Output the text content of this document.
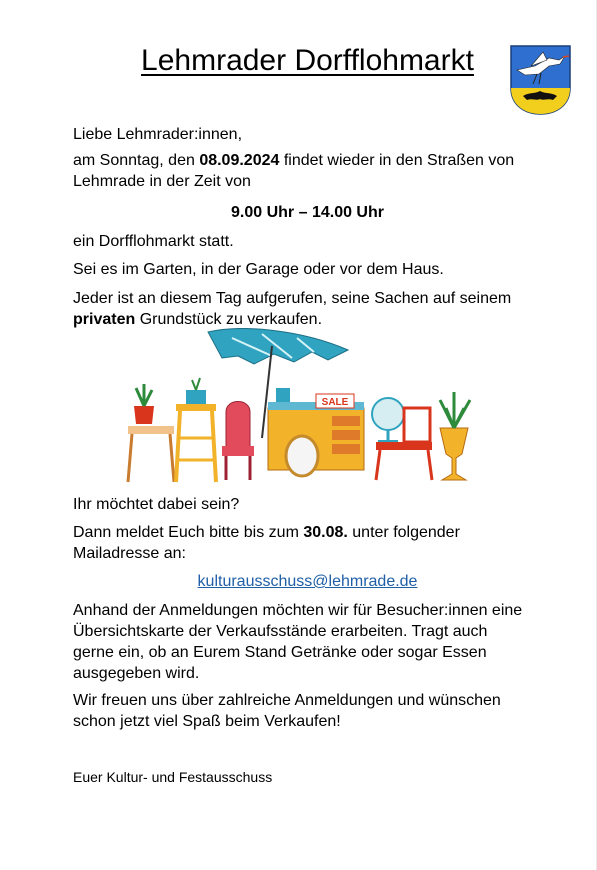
Lehmrader Dorfflohmarkt

Liebe Lehmrader:innen,

am Sonntag, den 08.09.2024 findet wieder in den Straßen von
Lehmrade in der Zeit von

9.00 Uhr – 14.00 Uhr

ein Dorfflohmarkt statt.

Sei es im Garten, in der Garage oder vor dem Haus.

Jeder ist an diesem Tag aufgerufen, seine Sachen auf seinem
privaten Grundstück zu verkaufen.

SALE

Ihr möchtet dabei sein?

Dann meldet Euch bitte bis zum 30.08. unter folgender
Mailadresse an:

kulturausschuss@lehmrade.de

Anhand der Anmeldungen möchten wir für Besucher:innen eine
Übersichtskarte der Verkaufsstände erarbeiten. Tragt auch
gerne ein, ob an Eurem Stand Getränke oder sogar Essen
ausgegeben wird.

Wir freuen uns über zahlreiche Anmeldungen und wünschen
schon jetzt viel Spaß beim Verkaufen!

Euer Kultur- und Festausschuss
